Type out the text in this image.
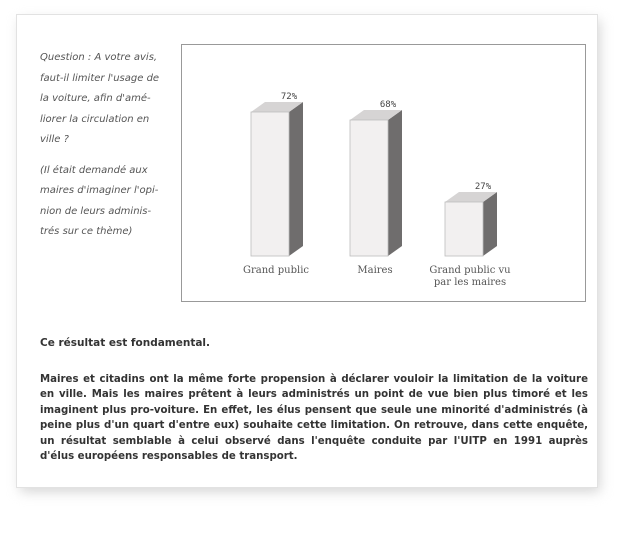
Question : A votre avis,
faut-il limiter l'usage de
la voiture, afin d'amé-
liorer la circulation en
ville ?

(Il était demandé aux
maires d'imaginer l'opi-
nion de leurs adminis-
trés sur ce thème)

72%
Grand public
68%
Maires
27%
Grand public vu par les maires

Ce résultat est fondamental.

Maires et citadins ont la même forte propension à déclarer vouloir la limitation de la voiture en ville. Mais les maires prêtent à leurs administrés un point de vue bien plus timoré et les imaginent plus pro-voiture. En effet, les élus pensent que seule une minorité d'administrés (à peine plus d'un quart d'entre eux) souhaite cette limitation. On retrouve, dans cette enquête, un résultat semblable à celui observé dans l'enquête conduite par l'UITP en 1991 auprès d'élus européens responsables de transport.
